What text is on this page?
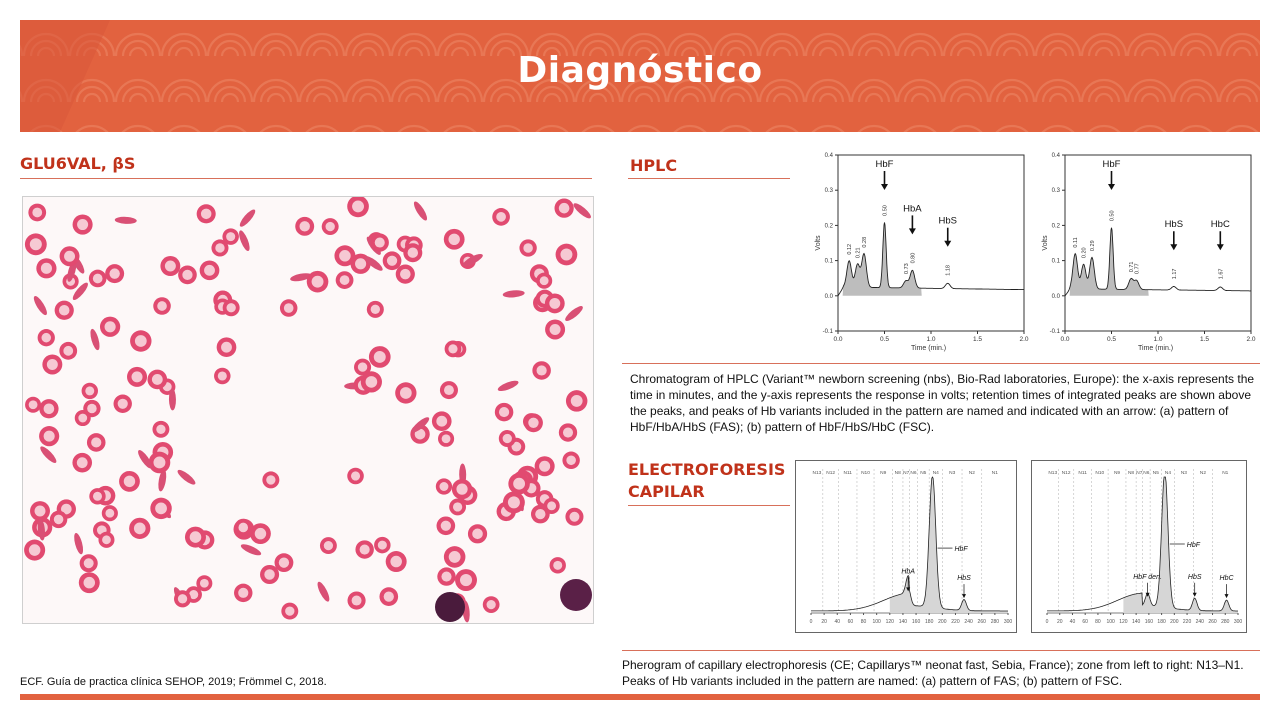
Diagnóstico
GLU6VAL, βS	HPLC
-0.1
0.0
0.1
0.2
0.3
0.4
0.0	0.5	1.0	1.5	2.0
Time (min.)
Volts	0.12 0.21
0.28
0.50
HbF
0.73
0.80
HbA
1.18
HbS
-0.1
0.0
0.1
0.2
0.3
0.4
0.0	0.5	1.0	1.5	2.0
Time (min.)
Volts	0.11
0.20
0.29
0.50
HbF
0.71 0.77	1.17
HbS
1.67
HbC
Chromatogram of HPLC (Variant™ newborn screening (nbs), Bio-Rad laboratories, Europe): the x-axis represents the time in minutes, and the y-axis represents the response in volts; retention times of integrated peaks are shown above the peaks, and peaks of Hb variants included in the pattern are named and indicated with an arrow: (a) pattern of HbF/HbA/HbS (FAS); (b) pattern of HbF/HbS/HbC (FSC).
ELECTROFORESIS
CAPILAR
0 20 40 60 80 100 120 140 160 180 200 220 240 260 280 300
N13 N12 N11 N10 N9 N8 N7 N6 N5 N4 N3	N2	N1
HbA
HbF
HbS
0 20 40 60 80 100 120 140 160 180 200 220 240 260 280 300
N13 N12 N11 N10 N9 N8 N7 N6 N5 N4 N3	N2	N1
HbF den.
HbF
HbS	HbC
Pherogram of capillary electrophoresis (CE; Capillarys™ neonat fast, Sebia, France); zone from left to right: N13–N1. Peaks of Hb variants included in the pattern are named: (a) pattern of FAS; (b) pattern of FSC.
ECF. Guía de practica clínica SEHOP, 2019; Frömmel C, 2018.
